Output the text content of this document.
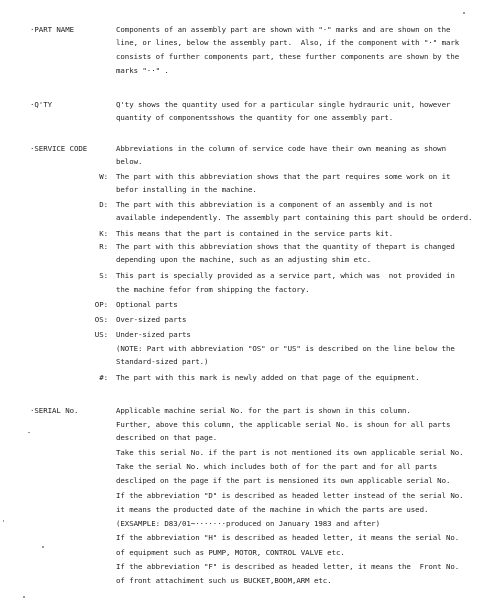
·PART NAME	Components of an assembly part are shown with "·" marks and are shown on the
line, or lines, below the assembly part.  Also, if the component with "·" mark
consists of further components part, these further components are shown by the
marks "··" .
·Q'TY	Q'ty shows the quantity used for a particular single hydrauric unit, however
quantity of componentsshows the quantity for one assembly part.
·SERVICE CODE	Abbreviations in the column of service code have their own meaning as shown
below.
W: The part with this abbreviation shows that the part requires some work on it
befor installing in the machine.
D: The part with this abbreviation is a component of an assembly and is not
available independently. The assembly part containing this part should be orderd.
K: This means that the part is contained in the service parts kit.
R: The part with this abbreviation shows that the quantity of thepart is changed
depending upon the machine, such as an adjusting shim etc.
S: This part is specially provided as a service part, which was  not provided in
the machine fefor from shipping the factory.
OP: Optional parts
OS: Over-sized parts
US: Under-sized parts
(NOTE: Part with abbreviation "OS" or "US" is described on the line below the
Standard-sized part.)
#: The part with this mark is newly added on that page of the equipment.
·SERIAL No.	Applicable machine serial No. for the part is shown in this column.
Further, above this column, the applicable serial No. is shoun for all parts
described on that page.
Take this serial No. if the part is not mentioned its own applicable serial No.
Take the serial No. which includes both of for the part and for all parts
descliped on the page if the part is mensioned its own applicable serial No.
If the abbreviation "D" is described as headed letter instead of the serial No.
it means the producted date of the machine in which the parts are used.
(EXSAMPLE: D83/01~·······produced on January 1983 and after)
If the abbreviation "H" is described as headed letter, it means the serial No.
of equipment such as PUMP, MOTOR, CONTROL VALVE etc.
If the abbreviation "F" is described as headed letter, it means the  Front No.
of front attachiment such us BUCKET,BOOM,ARM etc.
